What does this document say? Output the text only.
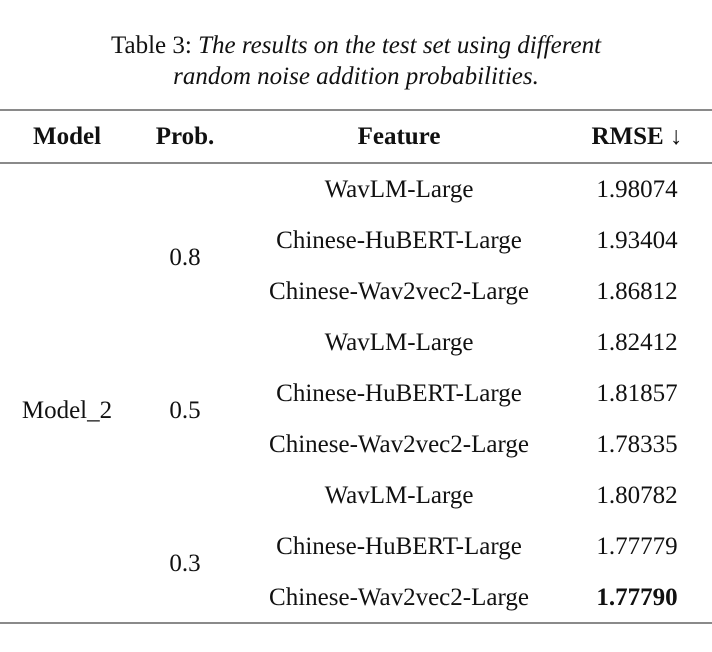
Table 3: The results on the test set using different
random noise addition probabilities.
Model	Prob.	Feature	RMSE ↓
Model_2
0.8
WavLM-Large	1.98074
Chinese-HuBERT-Large	1.93404
Chinese-Wav2vec2-Large	1.86812
0.5
WavLM-Large	1.82412
Chinese-HuBERT-Large	1.81857
Chinese-Wav2vec2-Large	1.78335
0.3
WavLM-Large	1.80782
Chinese-HuBERT-Large	1.77779
Chinese-Wav2vec2-Large	1.77790
